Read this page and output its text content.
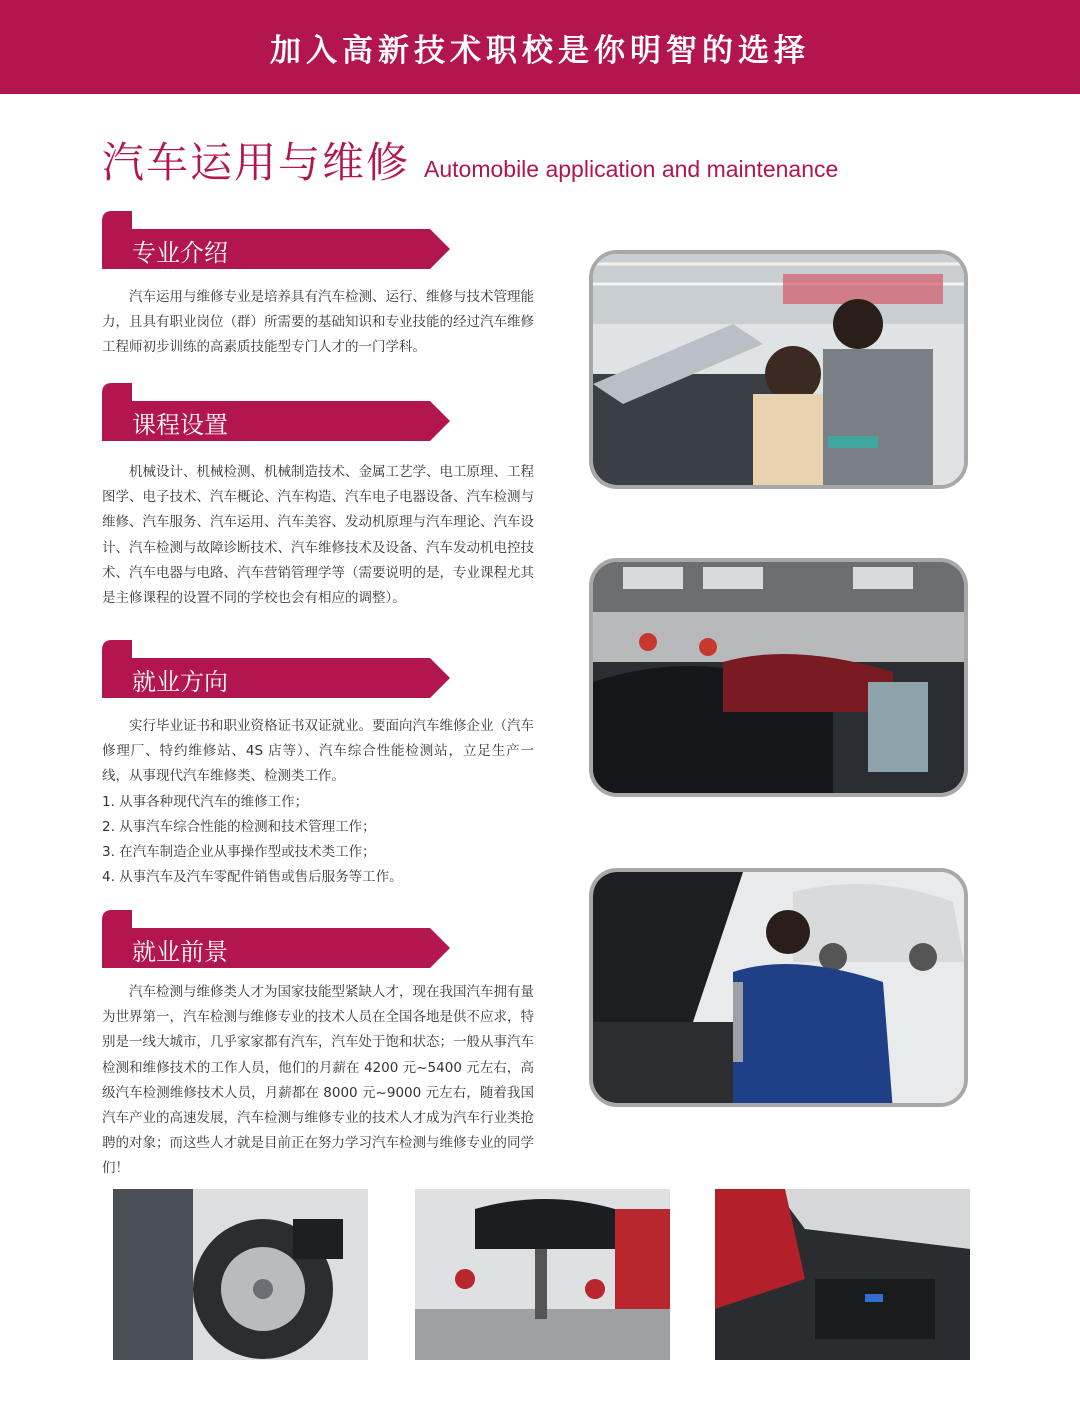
加入高新技术职校是你明智的选择
汽车运用与维修 Automobile application and maintenance
专业介绍

汽车运用与维修专业是培养具有汽车检测、运行、维修与技术管理能力，且具有职业岗位（群）所需要的基础知识和专业技能的经过汽车维修工程师初步训练的高素质技能型专门人才的一门学科。

课程设置

机械设计、机械检测、机械制造技术、金属工艺学、电工原理、工程图学、电子技术、汽车概论、汽车构造、汽车电子电器设备、汽车检测与维修、汽车服务、汽车运用、汽车美容、发动机原理与汽车理论、汽车设计、汽车检测与故障诊断技术、汽车维修技术及设备、汽车发动机电控技术、汽车电器与电路、汽车营销管理学等（需要说明的是，专业课程尤其是主修课程的设置不同的学校也会有相应的调整）。

就业方向
实行毕业证书和职业资格证书双证就业。要面向汽车维修企业（汽车修理厂、特约维修站、4S 店等）、汽车综合性能检测站，立足生产一线，从事现代汽车维修类、检测类工作。
1. 从事各种现代汽车的维修工作；
2. 从事汽车综合性能的检测和技术管理工作；
3. 在汽车制造企业从事操作型或技术类工作；
4. 从事汽车及汽车零配件销售或售后服务等工作。
就业前景

汽车检测与维修类人才为国家技能型紧缺人才，现在我国汽车拥有量为世界第一，汽车检测与维修专业的技术人员在全国各地是供不应求，特别是一线大城市，几乎家家都有汽车，汽车处于饱和状态；一般从事汽车检测和维修技术的工作人员，他们的月薪在 4200 元~5400 元左右，高级汽车检测维修技术人员，月薪都在 8000 元~9000 元左右，随着我国汽车产业的高速发展，汽车检测与维修专业的技术人才成为汽车行业类抢聘的对象；而这些人才就是目前正在努力学习汽车检测与维修专业的同学们！
